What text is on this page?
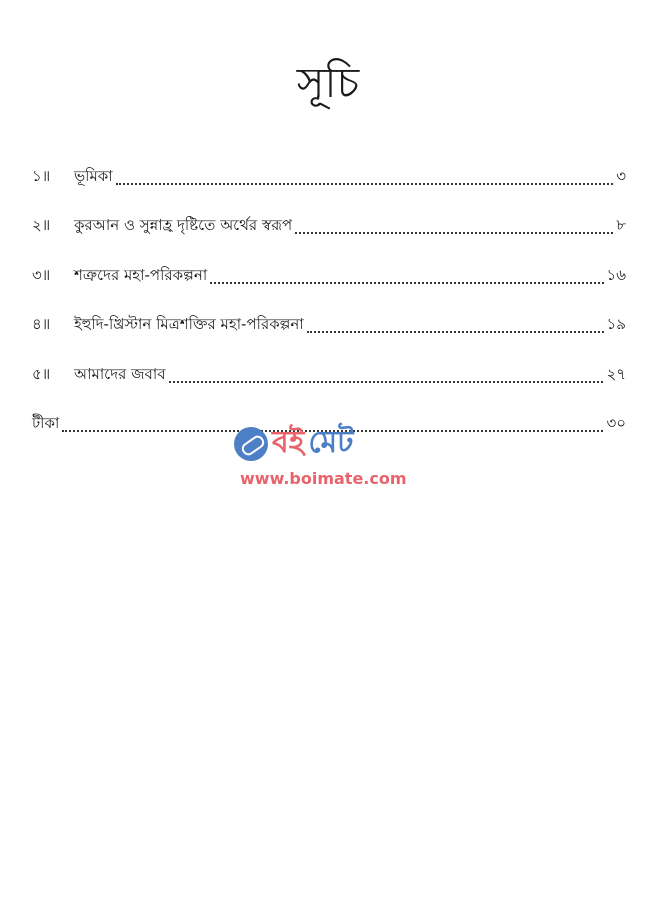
সূচি
১॥	ভূমিকা	৩
২॥	কুরআন ও সুন্নাহ্র দৃষ্টিতে অর্থের স্বরূপ	৮
৩॥	শত্রুদের মহা-পরিকল্পনা	১৬
৪॥	ইহুদি-খ্রিস্টান মিত্রশক্তির মহা-পরিকল্পনা	১৯
৫॥	আমাদের জবাব	২৭
টীকা	৩০
বই মেট
www.boimate.com
